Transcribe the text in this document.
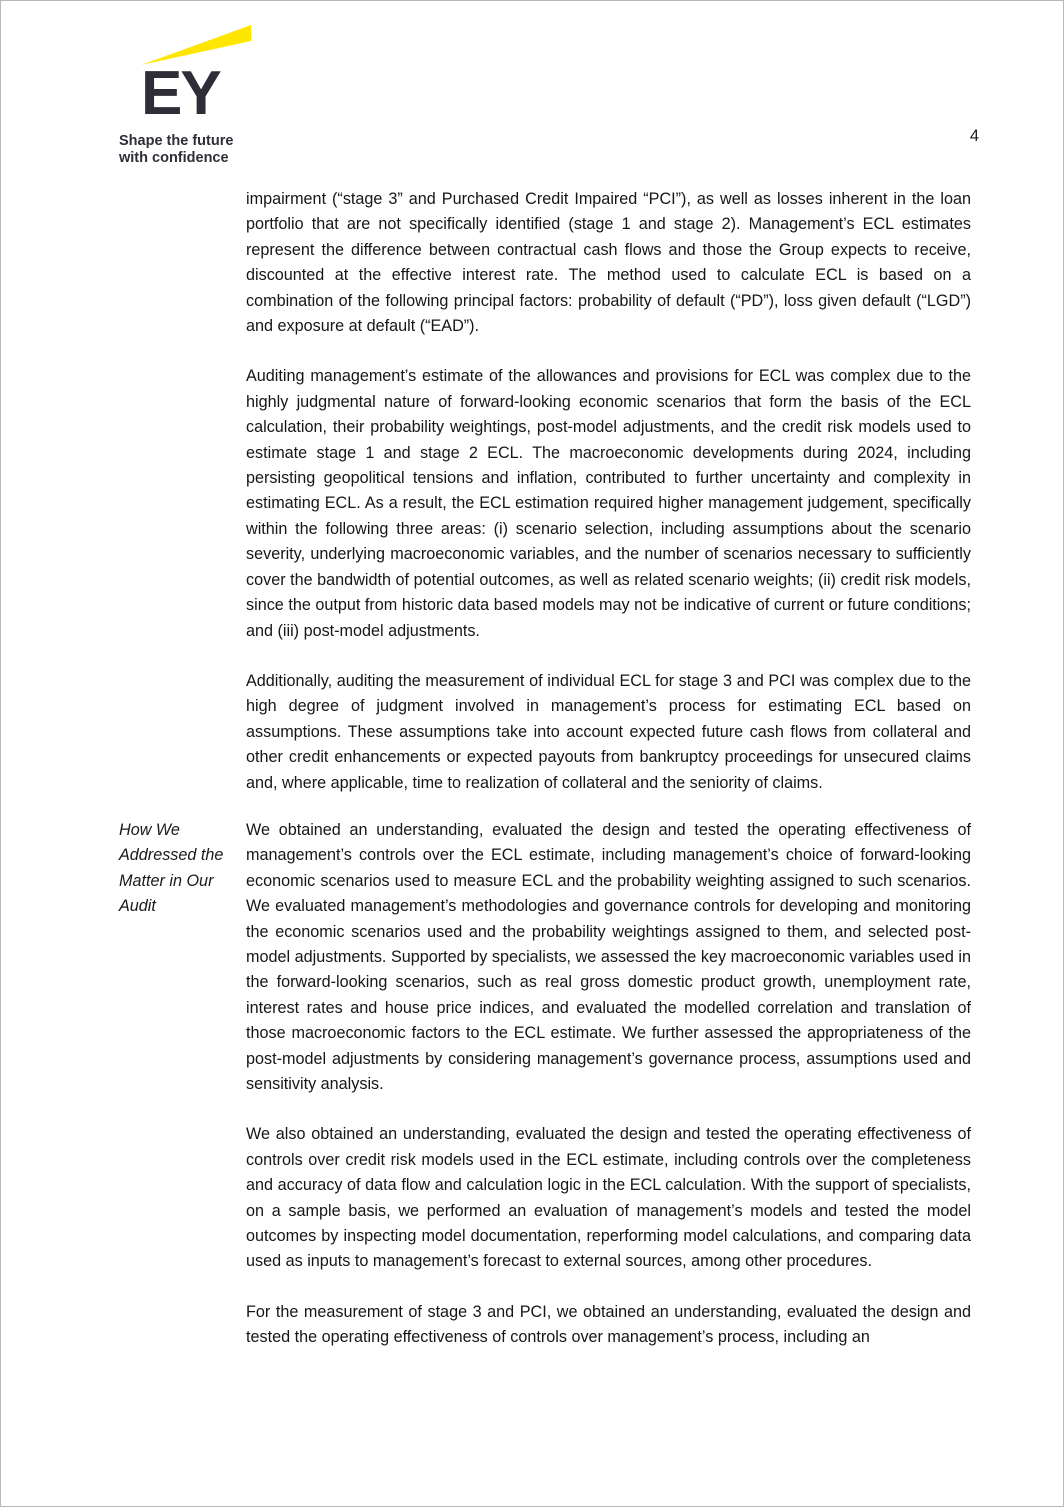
EY
Shape the future
with confidence
4

impairment (“stage 3” and Purchased Credit Impaired “PCI”), as well as losses inherent in the loan portfolio that are not specifically identified (stage 1 and stage 2). Management’s ECL estimates represent the difference between contractual cash flows and those the Group expects to receive, discounted at the effective interest rate. The method used to calculate ECL is based on a combination of the following principal factors: probability of default (“PD”), loss given default (“LGD”) and exposure at default (“EAD”).

Auditing management’s estimate of the allowances and provisions for ECL was complex due to the highly judgmental nature of forward-looking economic scenarios that form the basis of the ECL calculation, their probability weightings, post-model adjustments, and the credit risk models used to estimate stage 1 and stage 2 ECL. The macroeconomic developments during 2024, including persisting geopolitical tensions and inflation, contributed to further uncertainty and complexity in estimating ECL. As a result, the ECL estimation required higher management judgement, specifically within the following three areas: (i) scenario selection, including assumptions about the scenario severity, underlying macroeconomic variables, and the number of scenarios necessary to sufficiently cover the bandwidth of potential outcomes, as well as related scenario weights; (ii) credit risk models, since the output from historic data based models may not be indicative of current or future conditions; and (iii) post-model adjustments.

Additionally, auditing the measurement of individual ECL for stage 3 and PCI was complex due to the high degree of judgment involved in management’s process for estimating ECL based on assumptions. These assumptions take into account expected future cash flows from collateral and other credit enhancements or expected payouts from bankruptcy proceedings for unsecured claims and, where applicable, time to realization of collateral and the seniority of claims.

How We Addressed the Matter in Our Audit

We obtained an understanding, evaluated the design and tested the operating effectiveness of management’s controls over the ECL estimate, including management’s choice of forward-looking economic scenarios used to measure ECL and the probability weighting assigned to such scenarios. We evaluated management’s methodologies and governance controls for developing and monitoring the economic scenarios used and the probability weightings assigned to them, and selected post-model adjustments. Supported by specialists, we assessed the key macroeconomic variables used in the forward-looking scenarios, such as real gross domestic product growth, unemployment rate, interest rates and house price indices, and evaluated the modelled correlation and translation of those macroeconomic factors to the ECL estimate. We further assessed the appropriateness of the post-model adjustments by considering management’s governance process, assumptions used and sensitivity analysis.

We also obtained an understanding, evaluated the design and tested the operating effectiveness of controls over credit risk models used in the ECL estimate, including controls over the completeness and accuracy of data flow and calculation logic in the ECL calculation. With the support of specialists, on a sample basis, we performed an evaluation of management’s models and tested the model outcomes by inspecting model documentation, reperforming model calculations, and comparing data used as inputs to management’s forecast to external sources, among other procedures.

For the measurement of stage 3 and PCI, we obtained an understanding, evaluated the design and tested the operating effectiveness of controls over management’s process, including an
